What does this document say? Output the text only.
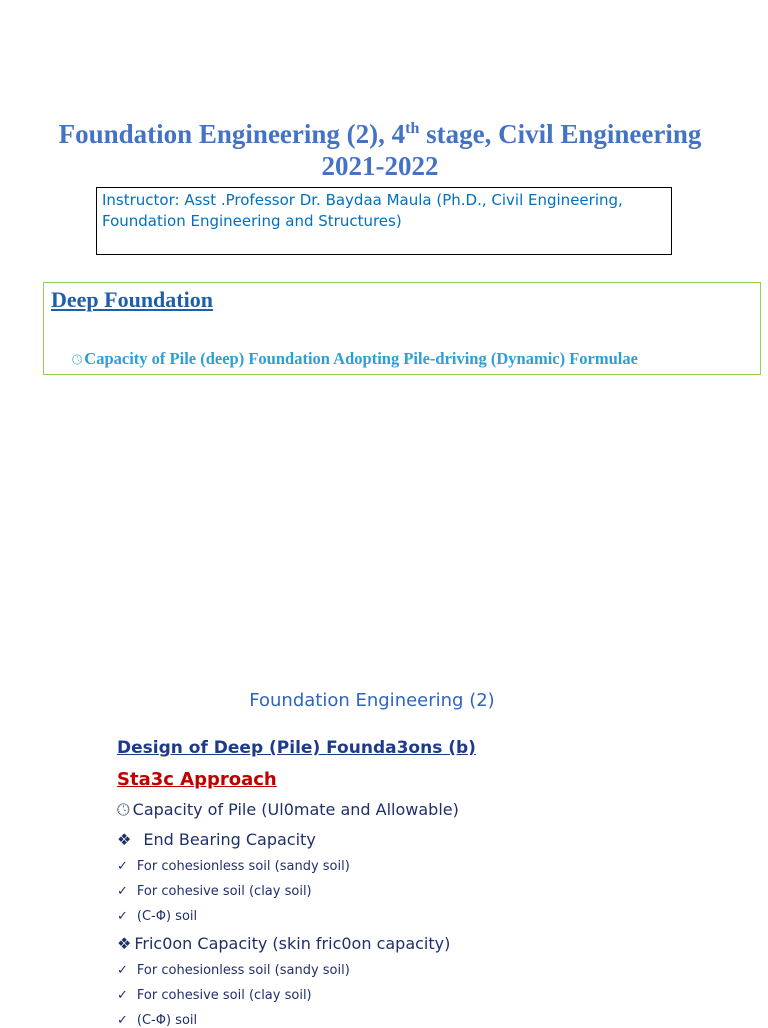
Foundation Engineering (2), 4th stage, Civil Engineering
2021-2022
Instructor: Asst .Professor Dr. Baydaa Maula (Ph.D., Civil Engineering, Foundation Engineering and Structures)
Deep Foundation
🕓︎ Capacity of Pile (deep) Foundation Adopting Pile-driving (Dynamic) Formulae
Foundation Engineering (2)
Design of Deep (Pile) Founda3ons (b)
Sta3c Approach
🕓︎ Capacity of Pile (Ul0mate and Allowable)
❖ End Bearing Capacity
✓ For cohesionless soil (sandy soil)
✓ For cohesive soil (clay soil)
✓ (C-Φ) soil
❖ Fric0on Capacity (skin fric0on capacity)
✓ For cohesionless soil (sandy soil)
✓ For cohesive soil (clay soil)
✓ (C-Φ) soil
